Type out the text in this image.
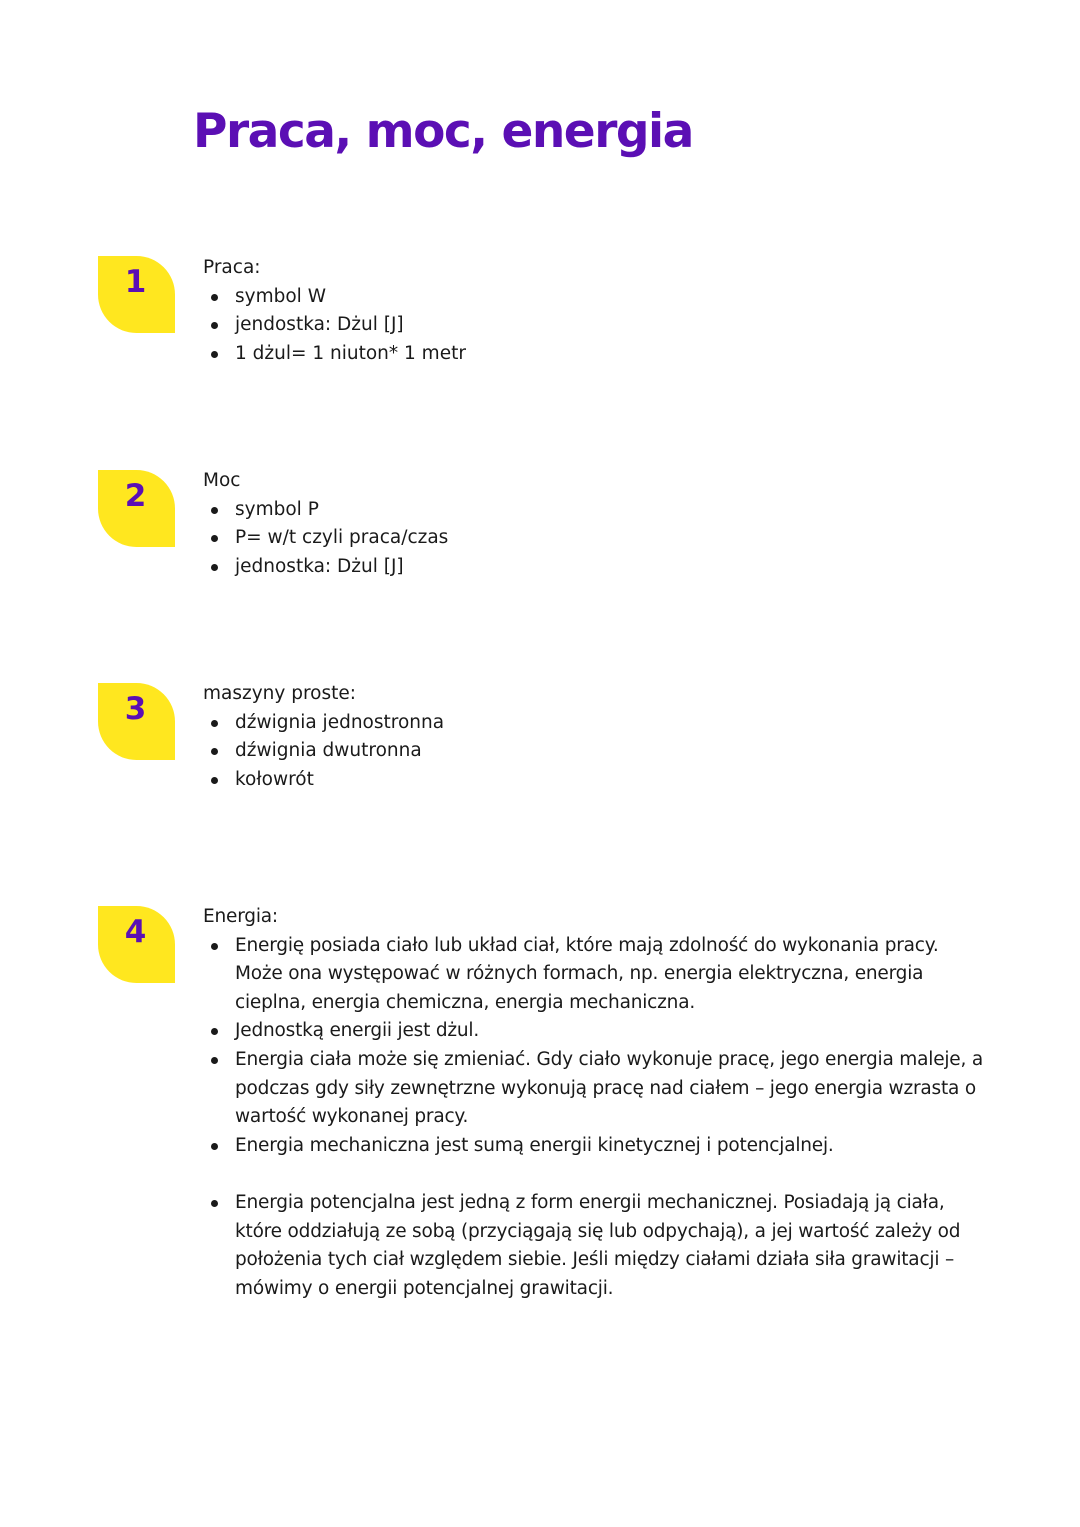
Praca, moc, energia
1	Praca:

symbol W
jendostka: Dżul [J]
1 dżul= 1 niuton* 1 metr
2	Moc

symbol P
P= w/t czyli praca/czas
jednostka: Dżul [J]
3	maszyny proste:

dźwignia jednostronna
dźwignia dwutronna
kołowrót
4	Energia:

Energię posiada ciało lub układ ciał, które mają zdolność do wykonania pracy. Może ona występować w różnych formach, np. energia elektryczna, energia cieplna, energia chemiczna, energia mechaniczna.
Jednostką energii jest dżul.
Energia ciała może się zmieniać. Gdy ciało wykonuje pracę, jego energia maleje, a podczas gdy siły zewnętrzne wykonują pracę nad ciałem – jego energia wzrasta o wartość wykonanej pracy.
Energia mechaniczna jest sumą energii kinetycznej i potencjalnej.
Energia potencjalna jest jedną z form energii mechanicznej. Posiadają ją ciała, które oddziałują ze sobą (przyciągają się lub odpychają), a jej wartość zależy od położenia tych ciał względem siebie. Jeśli między ciałami działa siła grawitacji – mówimy o energii potencjalnej grawitacji.
